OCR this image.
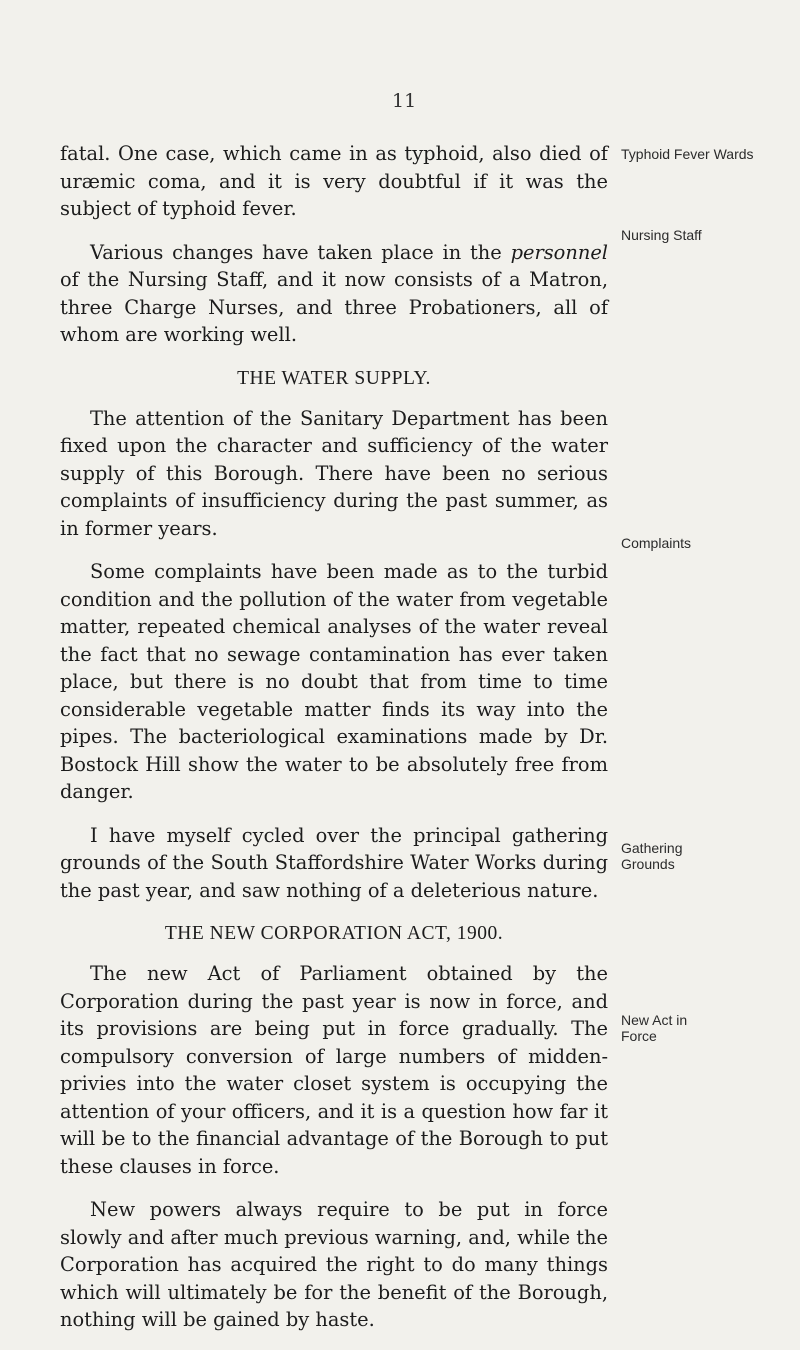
11

fatal. One case, which came in as typhoid, also died of uræmic coma, and it is very doubtful if it was the subject of typhoid fever.

Various changes have taken place in the personnel of the Nursing Staff, and it now consists of a Matron, three Charge Nurses, and three Probationers, all of whom are working well.

THE WATER SUPPLY.

The attention of the Sanitary Department has been fixed upon the character and sufficiency of the water supply of this Borough. There have been no serious complaints of insufficiency during the past summer, as in former years.

Some complaints have been made as to the turbid condition and the pollution of the water from vegetable matter, repeated chemical analyses of the water reveal the fact that no sewage contamination has ever taken place, but there is no doubt that from time to time considerable vegetable matter finds its way into the pipes. The bacteriological examinations made by Dr. Bostock Hill show the water to be absolutely free from danger.

I have myself cycled over the principal gathering grounds of the South Staffordshire Water Works during the past year, and saw nothing of a deleterious nature.

THE NEW CORPORATION ACT, 1900.

The new Act of Parliament obtained by the Corporation during the past year is now in force, and its provisions are being put in force gradually. The compulsory conversion of large numbers of midden-privies into the water closet system is occupying the attention of your officers, and it is a question how far it will be to the financial advantage of the Borough to put these clauses in force.

New powers always require to be put in force slowly and after much previous warning, and, while the Corporation has acquired the right to do many things which will ultimately be for the benefit of the Borough, nothing will be gained by haste.

Typhoid Fever Wards
Nursing Staff
Complaints
Gathering Grounds
New Act in Force
